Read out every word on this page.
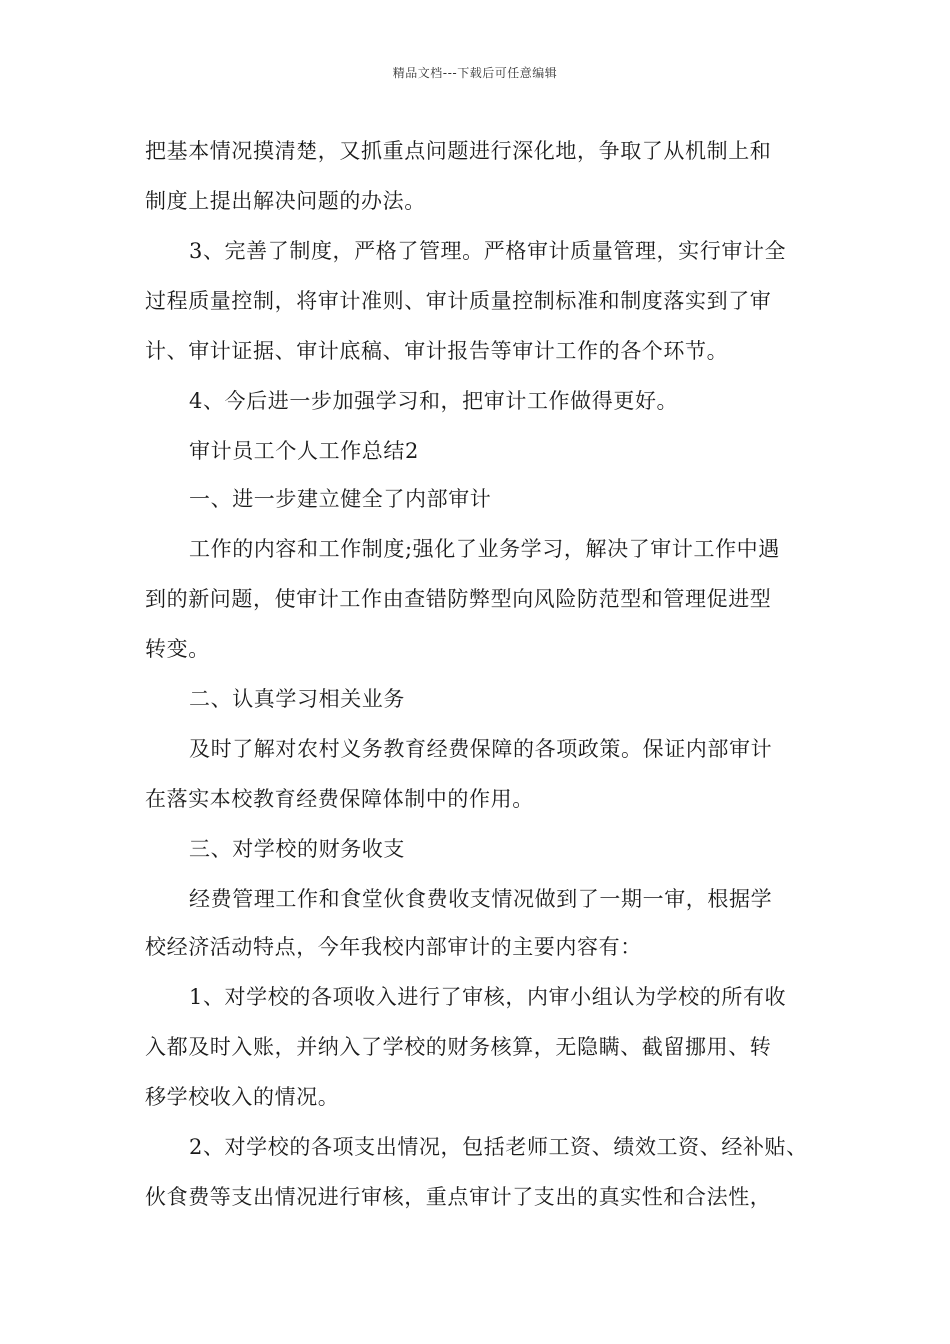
精品文档---下载后可任意编辑
把基本情况摸清楚，又抓重点问题进行深化地，争取了从机制上和
制度上提出解决问题的办法。
3、完善了制度，严格了管理。严格审计质量管理，实行审计全
过程质量控制，将审计准则、审计质量控制标准和制度落实到了审
计、审计证据、审计底稿、审计报告等审计工作的各个环节。
4、今后进一步加强学习和，把审计工作做得更好。
审计员工个人工作总结2
一、进一步建立健全了内部审计
工作的内容和工作制度;强化了业务学习，解决了审计工作中遇
到的新问题，使审计工作由查错防弊型向风险防范型和管理促进型
转变。
二、认真学习相关业务
及时了解对农村义务教育经费保障的各项政策。保证内部审计
在落实本校教育经费保障体制中的作用。
三、对学校的财务收支
经费管理工作和食堂伙食费收支情况做到了一期一审，根据学
校经济活动特点，今年我校内部审计的主要内容有：
1、对学校的各项收入进行了审核，内审小组认为学校的所有收
入都及时入账，并纳入了学校的财务核算，无隐瞒、截留挪用、转
移学校收入的情况。
2、对学校的各项支出情况，包括老师工资、绩效工资、经补贴、
伙食费等支出情况进行审核，重点审计了支出的真实性和合法性，
